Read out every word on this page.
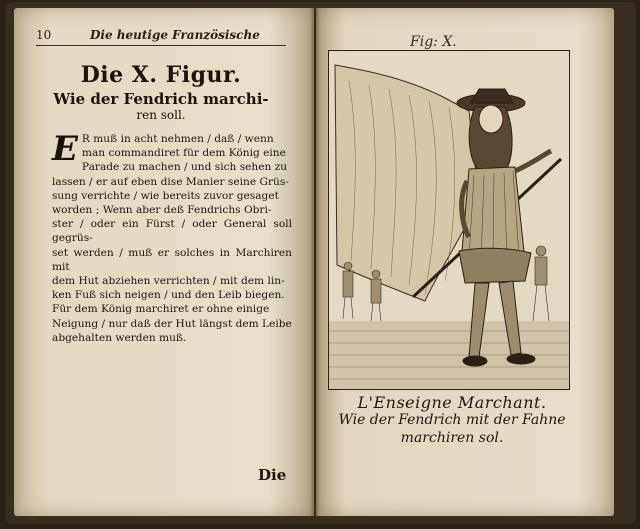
10	Die heutige Französische

Die X. Figur.
Wie der Fendrich marchi-
ren soll.
E R muß in acht nehmen / daß / wenn
man commandiret für dem König eine
Parade zu machen / und sich sehen zu
lassen / er auf eben dise Manier seine Grüs-
sung verrichte / wie bereits zuvor gesaget
worden ; Wenn aber deß Fendrichs Obri-
ster / oder ein Fürst / oder General soll gegrüs-
set werden / muß er solches in Marchiren mit
dem Hut abziehen verrichten / mit dem lin-
ken Fuß sich neigen / und den Leib biegen.
Für dem König marchiret er ohne einige
Neigung / nur daß der Hut längst dem Leibe
abgehalten werden muß.
Die
Fig: X.
L'Enseigne Marchant.
Wie der Fendrich mit der Fahne
marchiren sol.
